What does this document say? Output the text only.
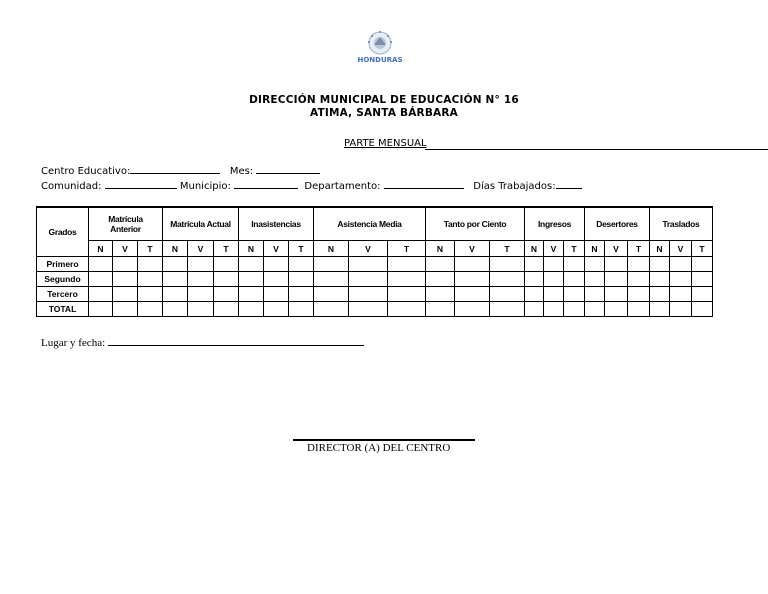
HONDURAS
DIRECCIÓN MUNICIPAL DE EDUCACIÓN N° 16
ATIMA, SANTA BÁRBARA
PARTE MENSUAL
Centro Educativo:	Mes:
Comunidad:	Municipio:	Departamento:	Días Trabajados:
Grados	Matrícula Anterior			Matrícula Actual			Inasistencias			Asistencia Media			Tanto por Ciento			Ingresos			Desertores			Traslados		
	N	V	T	N	V	T	N	V	T	N	V	T	N	V	T	N	V	T	N	V	T	N	V	T
Primero																								
Segundo																								
Tercero																								
TOTAL																								
Lugar y fecha:
DIRECTOR (A) DEL CENTRO
